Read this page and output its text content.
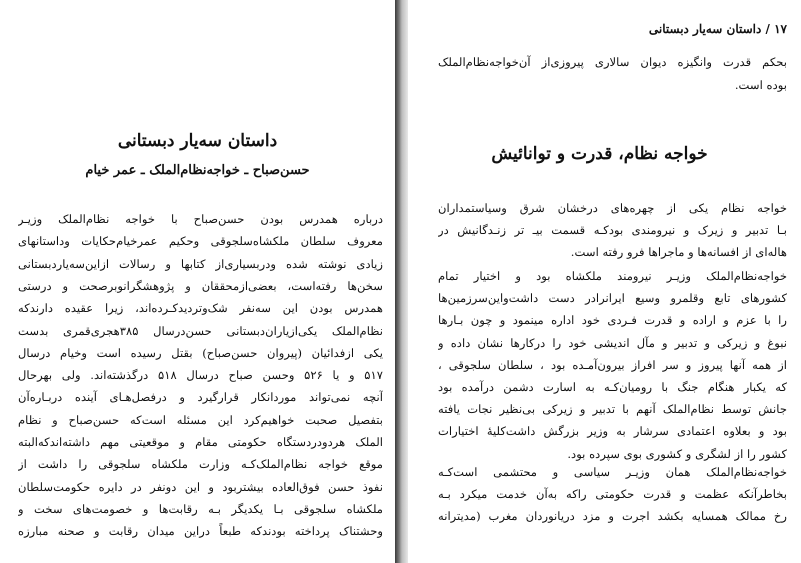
داستان سه‌یار دبستانی
حسن‌صباح ـ خواجه‌نظام‌الملک ـ عمر خیام
درباره همدرس بودن حسن‌صباح با خواجه نظام‌الملک وزیـر
معروف سلطان ملکشاه‌سلجوقی وحکیم عمرخیام‌حکایات وداستانهای
زیادی نوشته شده ودربسیاری‌از کتابها و رسالات ازاین‌سه‌یاردبستانی
سخن‌ها رفته‌است، بعضی‌ازمحققان و پژوهشگرانوبرصحت و درستی
همدرس بودن این سه‌نفر شک‌وتردیدکـرده‌اند، زیرا عقیده دارندکه
نظام‌الملک یکی‌ازیاران‌دبستانی حسن‌درسال ۳۸۵هجری‌قمری بدست
یکی ازفدائیان (پیروان حسن‌صباح) بقتل رسیده است وخیام درسال
۵۱۷ و یا ۵۲۶ وحسن صباح درسال ۵۱۸ درگذشته‌اند. ولی بهرحال
آنچه نمی‌تواند موردانکار قرارگیرد و درفصل‌هـای آینده دربـاره‌آن
بتفصیل صحبت خواهیم‌کرد این مسئله است‌که حسن‌صباح و نظام
الملک هردودردستگاه حکومتی مقام و موقعیتی مهم داشته‌اندکه‌البته
موقع خواجه نظام‌الملک‌کـه وزارت ملکشاه سلجوقی را داشت از
نفوذ حسن فوق‌العاده بیشتربود و این دونفر در دایره حکومت‌سلطان
ملکشاه سلجوقی بـا یکدیگر بـه رقابت‌ها و خصومت‌های سخت و
وحشتناک پرداخته بودندکه طبعاً دراین میدان رقابت و صحنه مبارزه
۱۷ / داستان سه‌یار دبستانی
بحکم قدرت وانگیزه دیوان سالاری پیروزی‌از آن‌خواجه‌نظام‌الملک
بوده است.
خواجه نظام، قدرت و توانائیش
خواجه نظام یکی از چهره‌های درخشان شرق وسیاستمداران
بـا تدبیر و زیرک و نیرومندی بودکـه قسمت بیـ تر زنـدگانیش در
هاله‌ای از افسانه‌ها و ماجراها فرو رفته است.
خواجه‌نظام‌الملک وزیـر نیرومند ملکشاه بود و اختیار تمام
کشورهای تابع وقلمرو وسیع ایرانرادر دست داشت‌واین‌سرزمین‌ها
را با عزم و اراده و قدرت فـردی خود اداره مینمود و چون بـارها
نبوغ و زیرکی و تدبیر و مآل اندیشی خود را درکارها نشان داده و
از همه آنها پیروز و سر افراز بیرون‌آمـده بود ، سلطان سلجوقی ،
که یکبار هنگام جنگ با رومیان‌کـه به اسارت دشمن درآمده بود
جانش توسط نظام‌الملک آنهم با تدبیر و زیرکی بی‌نظیر نجات یافته
بود و بعلاوه اعتمادی سرشار به وزیر بزرگش داشت‌کلیهٔ اختیارات
کشور را از لشگری و کشوری بوی سپرده بود.
خواجه‌نظام‌الملک همان وزیـر سیاسی و محتشمی است‌کـه
بخاطرآنکه عظمت و قدرت حکومتی راکه به‌آن خدمت میکرد بـه
رخ ممالک همسایه بکشد اجرت و مزد دریانوردان مغرب (مدیترانه
